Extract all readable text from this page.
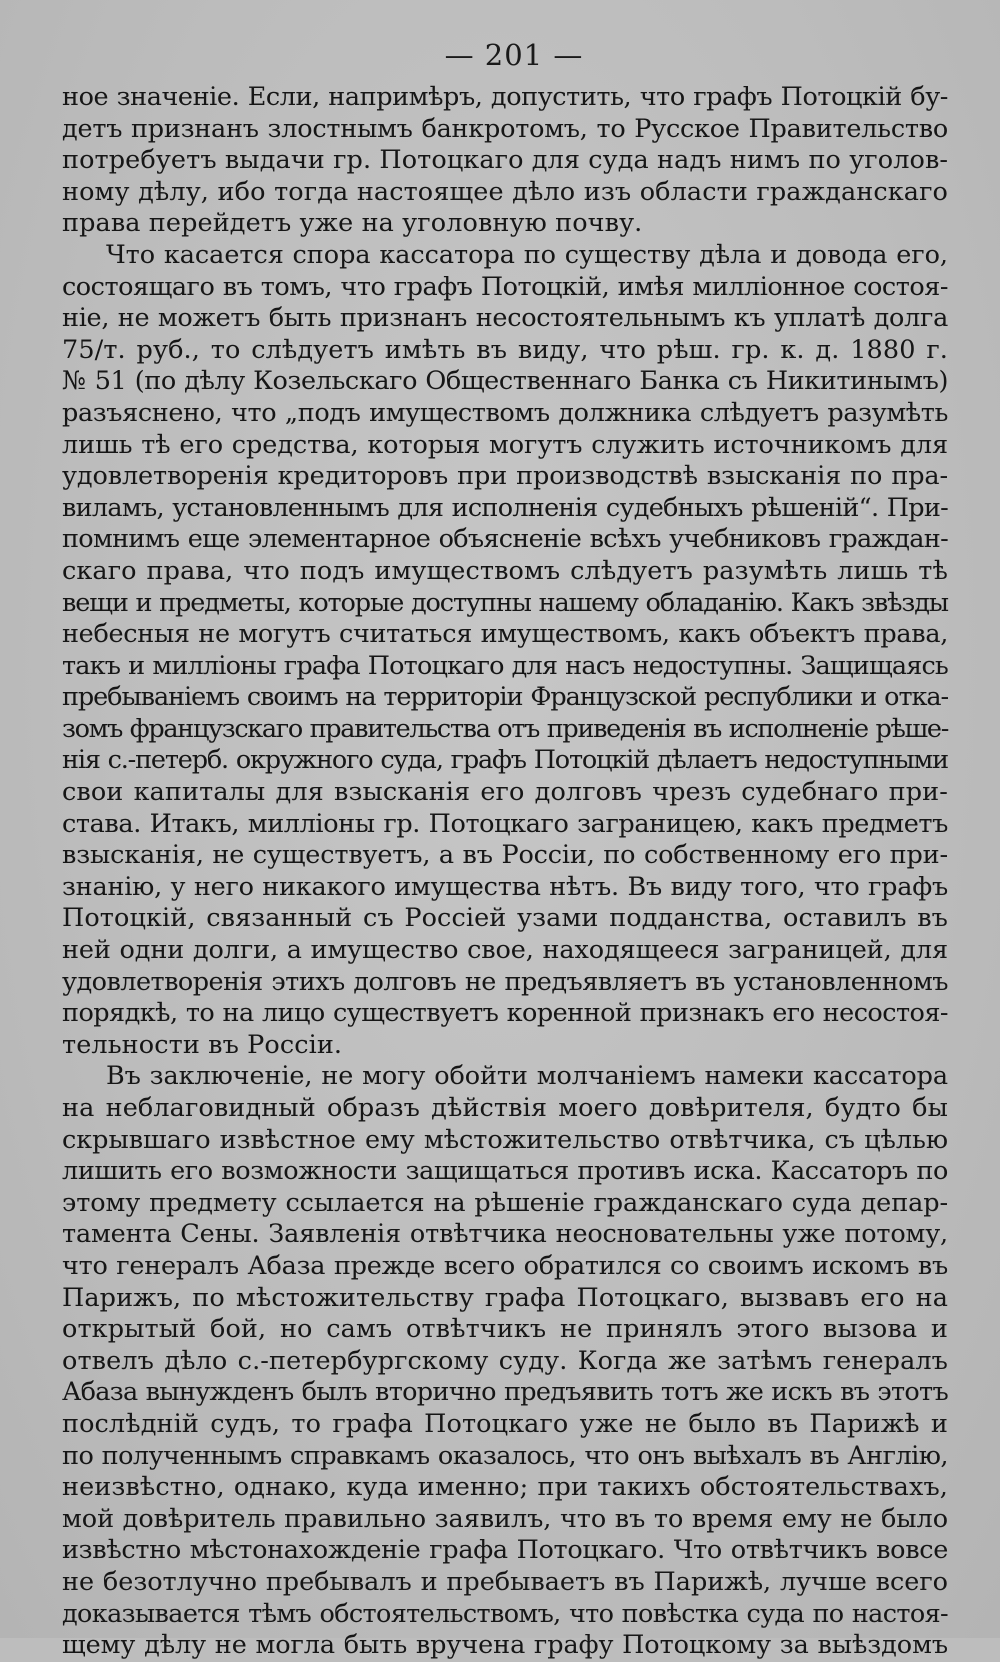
— 201 —

ное значеніе. Если, напримѣръ, допустить, что графъ Потоцкій бу-
детъ признанъ злостнымъ банкротомъ, то Русское Правительство
потребуетъ выдачи гр. Потоцкаго для суда надъ нимъ по уголов-
ному дѣлу, ибо тогда настоящее дѣло изъ области гражданскаго
права перейдетъ уже на уголовную почву.

Что касается спора кассатора по существу дѣла и довода его,
состоящаго въ томъ, что графъ Потоцкій, имѣя милліонное состоя-
ніе, не можетъ быть признанъ несостоятельнымъ къ уплатѣ долга
75/т. руб., то слѣдуетъ имѣть въ виду, что рѣш. гр. к. д. 1880 г.
№ 51 (по дѣлу Козельскаго Общественнаго Банка съ Никитинымъ)
разъяснено, что „подъ имуществомъ должника слѣдуетъ разумѣть
лишь тѣ его средства, которыя могутъ служить источникомъ для
удовлетворенія кредиторовъ при производствѣ взысканія по пра-
виламъ, установленнымъ для исполненія судебныхъ рѣшеній“. При-
помнимъ еще элементарное объясненіе всѣхъ учебниковъ граждан-
скаго права, что подъ имуществомъ слѣдуетъ разумѣть лишь тѣ
вещи и предметы, которые доступны нашему обладанію. Какъ звѣзды
небесныя не могутъ считаться имуществомъ, какъ объектъ права,
такъ и милліоны графа Потоцкаго для насъ недоступны. Защищаясь
пребываніемъ своимъ на территоріи Французской республики и отка-
зомъ французскаго правительства отъ приведенія въ исполненіе рѣше-
нія с.-петерб. окружного суда, графъ Потоцкій дѣлаетъ недоступными
свои капиталы для взысканія его долговъ чрезъ судебнаго при-
става. Итакъ, милліоны гр. Потоцкаго заграницею, какъ предметъ
взысканія, не существуетъ, а въ Россіи, по собственному его при-
знанію, у него никакого имущества нѣтъ. Въ виду того, что графъ
Потоцкій, связанный съ Россіей узами подданства, оставилъ въ
ней одни долги, а имущество свое, находящееся заграницей, для
удовлетворенія этихъ долговъ не предъявляетъ въ установленномъ
порядкѣ, то на лицо существуетъ коренной признакъ его несостоя-
тельности въ Россіи.

Въ заключеніе, не могу обойти молчаніемъ намеки кассатора
на неблаговидный образъ дѣйствія моего довѣрителя, будто бы
скрывшаго извѣстное ему мѣстожительство отвѣтчика, съ цѣлью
лишить его возможности защищаться противъ иска. Кассаторъ по
этому предмету ссылается на рѣшеніе гражданскаго суда депар-
тамента Сены. Заявленія отвѣтчика неосновательны уже потому,
что генералъ Абаза прежде всего обратился со своимъ искомъ въ
Парижъ, по мѣстожительству графа Потоцкаго, вызвавъ его на
открытый бой, но самъ отвѣтчикъ не принялъ этого вызова и
отвелъ дѣло с.-петербургскому суду. Когда же затѣмъ генералъ
Абаза вынужденъ былъ вторично предъявить тотъ же искъ въ этотъ
послѣдній судъ, то графа Потоцкаго уже не было въ Парижѣ и
по полученнымъ справкамъ оказалось, что онъ выѣхалъ въ Англію,
неизвѣстно, однако, куда именно; при такихъ обстоятельствахъ,
мой довѣритель правильно заявилъ, что въ то время ему не было
извѣстно мѣстонахожденіе графа Потоцкаго. Что отвѣтчикъ вовсе
не безотлучно пребывалъ и пребываетъ въ Парижѣ, лучше всего
доказывается тѣмъ обстоятельствомъ, что повѣстка суда по настоя-
щему дѣлу не могла быть вручена графу Потоцкому за выѣздомъ
